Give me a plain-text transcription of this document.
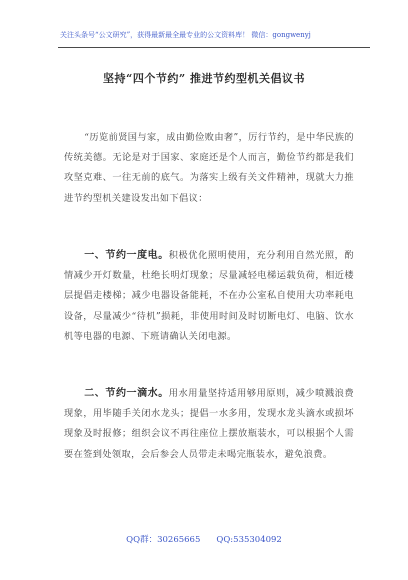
关注头条号“公文研究”，获得最新最全最专业的公文资料库！ 微信：gongwenyj
坚持“四个节约” 推进节约型机关倡议书

“历览前贤国与家，成由勤俭败由奢”，厉行节约，是中华民族的传统美德。无论是对于国家、家庭还是个人而言，勤俭节约都是我们攻坚克难、一往无前的底气。为落实上级有关文件精神，现就大力推进节约型机关建设发出如下倡议：

一、节约一度电。积极优化照明使用，充分利用自然光照，酌情减少开灯数量，杜绝长明灯现象；尽量减轻电梯运载负荷，相近楼层提倡走楼梯；减少电器设备能耗，不在办公室私自使用大功率耗电设备，尽量减少“待机”损耗，非使用时间及时切断电灯、电脑、饮水机等电器的电源、下班请确认关闭电源。

二、节约一滴水。用水用量坚持适用够用原则，减少喷溅浪费现象，用毕随手关闭水龙头；提倡一水多用，发现水龙头滴水或损坏现象及时报修；组织会议不再往座位上摆放瓶装水，可以根据个人需要在签到处领取，会后参会人员带走未喝完瓶装水，避免浪费。

QQ群：30265665 QQ:535304092
